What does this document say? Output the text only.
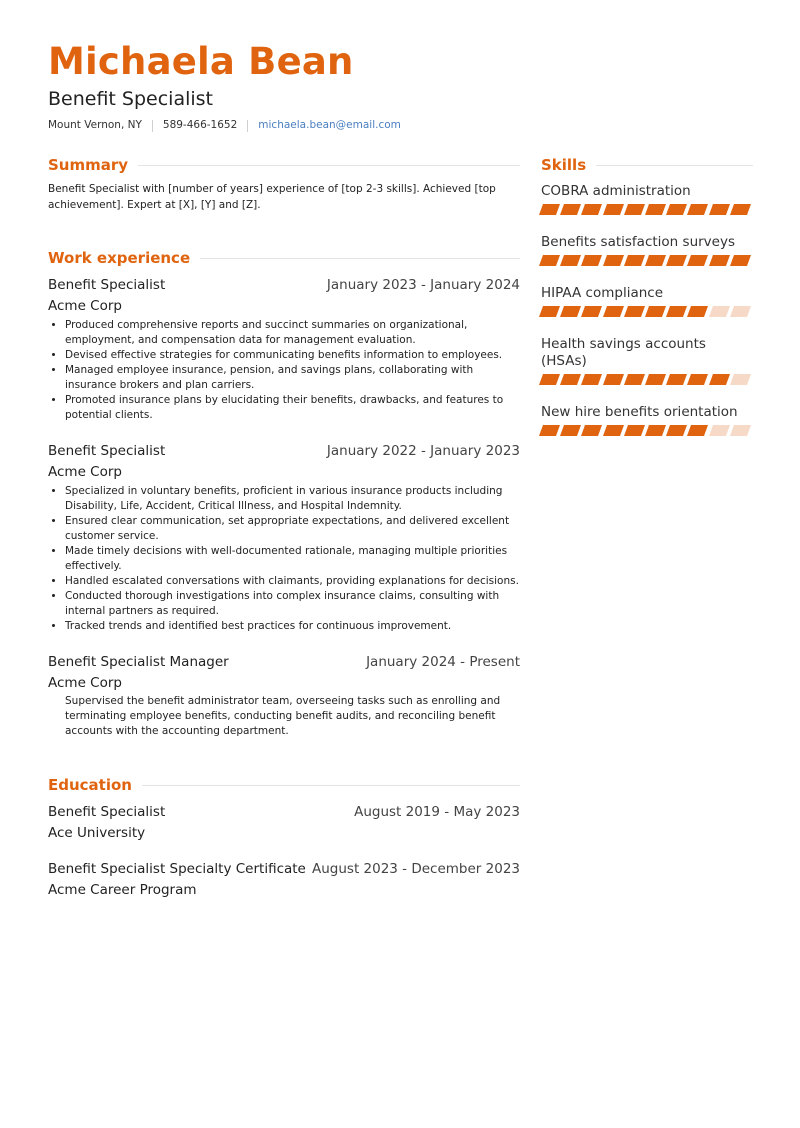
Michaela Bean
Benefit Specialist
Mount Vernon, NY 589-466-1652 michaela.bean@email.com
Summary
Benefit Specialist with [number of years] experience of [top 2-3 skills]. Achieved [top achievement]. Expert at [X], [Y] and [Z].
Work experience
Benefit Specialist	January 2023 - January 2024
Acme Corp
• Produced comprehensive reports and succinct summaries on organizational, employment, and compensation data for management evaluation.
• Devised effective strategies for communicating benefits information to employees.
• Managed employee insurance, pension, and savings plans, collaborating with insurance brokers and plan carriers.
• Promoted insurance plans by elucidating their benefits, drawbacks, and features to potential clients.
Benefit Specialist	January 2022 - January 2023
Acme Corp
• Specialized in voluntary benefits, proficient in various insurance products including Disability, Life, Accident, Critical Illness, and Hospital Indemnity.
• Ensured clear communication, set appropriate expectations, and delivered excellent customer service.
• Made timely decisions with well-documented rationale, managing multiple priorities effectively.
• Handled escalated conversations with claimants, providing explanations for decisions.
• Conducted thorough investigations into complex insurance claims, consulting with internal partners as required.
• Tracked trends and identified best practices for continuous improvement.
Benefit Specialist Manager	January 2024 - Present
Acme Corp
Supervised the benefit administrator team, overseeing tasks such as enrolling and terminating employee benefits, conducting benefit audits, and reconciling benefit accounts with the accounting department.
Education
Benefit Specialist	August 2019 - May 2023
Ace University
Benefit Specialist Specialty Certificate August 2023 - December 2023
Acme Career Program
Skills
COBRA administration
Benefits satisfaction surveys
HIPAA compliance
Health savings accounts (HSAs)
New hire benefits orientation
